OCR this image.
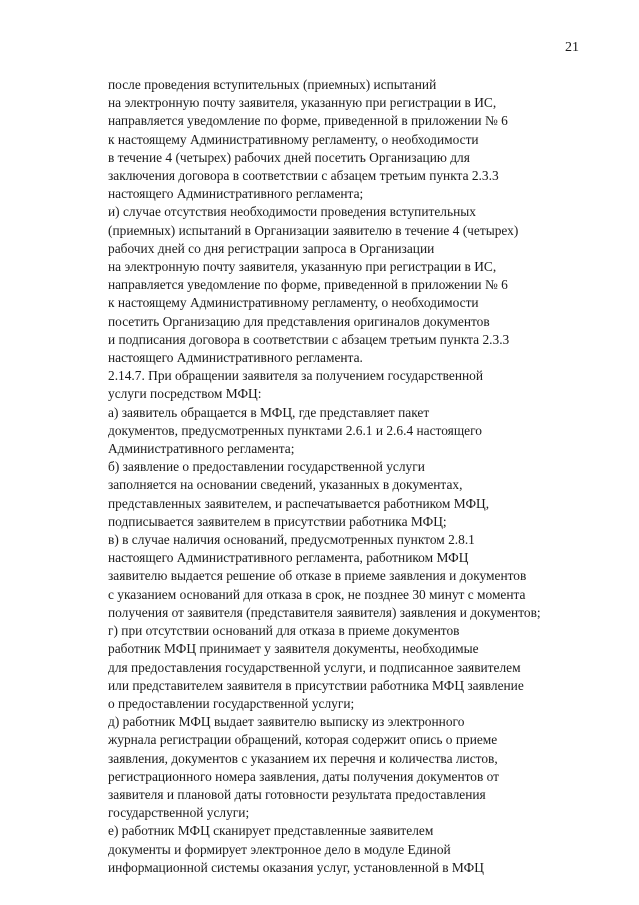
21

после проведения вступительных (приемных) испытаний
на электронную почту заявителя, указанную при регистрации в ИС,
направляется уведомление по форме, приведенной в приложении № 6
к настоящему Административному регламенту, о необходимости
в течение 4 (четырех) рабочих дней посетить Организацию для
заключения договора в соответствии с абзацем третьим пункта 2.3.3
настоящего Административного регламента;

и) случае отсутствия необходимости проведения вступительных
(приемных) испытаний в Организации заявителю в течение 4 (четырех)
рабочих дней со дня регистрации запроса в Организации
на электронную почту заявителя, указанную при регистрации в ИС,
направляется уведомление по форме, приведенной в приложении № 6
к настоящему Административному регламенту, о необходимости
посетить Организацию для представления оригиналов документов
и подписания договора в соответствии с абзацем третьим пункта 2.3.3
настоящего Административного регламента.

2.14.7. При обращении заявителя за получением государственной
услуги посредством МФЦ:

а) заявитель обращается в МФЦ, где представляет пакет
документов, предусмотренных пунктами 2.6.1 и 2.6.4 настоящего
Административного регламента;

б) заявление о предоставлении государственной услуги
заполняется на основании сведений, указанных в документах,
представленных заявителем, и распечатывается работником МФЦ,
подписывается заявителем в присутствии работника МФЦ;

в) в случае наличия оснований, предусмотренных пунктом 2.8.1
настоящего Административного регламента, работником МФЦ
заявителю выдается решение об отказе в приеме заявления и документов
с указанием оснований для отказа в срок, не позднее 30 минут с момента
получения от заявителя (представителя заявителя) заявления и документов;

г) при отсутствии оснований для отказа в приеме документов
работник МФЦ принимает у заявителя документы, необходимые
для предоставления государственной услуги, и подписанное заявителем
или представителем заявителя в присутствии работника МФЦ заявление
о предоставлении государственной услуги;

д) работник МФЦ выдает заявителю выписку из электронного
журнала регистрации обращений, которая содержит опись о приеме
заявления, документов с указанием их перечня и количества листов,
регистрационного номера заявления, даты получения документов от
заявителя и плановой даты готовности результата предоставления
государственной услуги;

е) работник МФЦ сканирует представленные заявителем
документы и формирует электронное дело в модуле Единой
информационной системы оказания услуг, установленной в МФЦ
